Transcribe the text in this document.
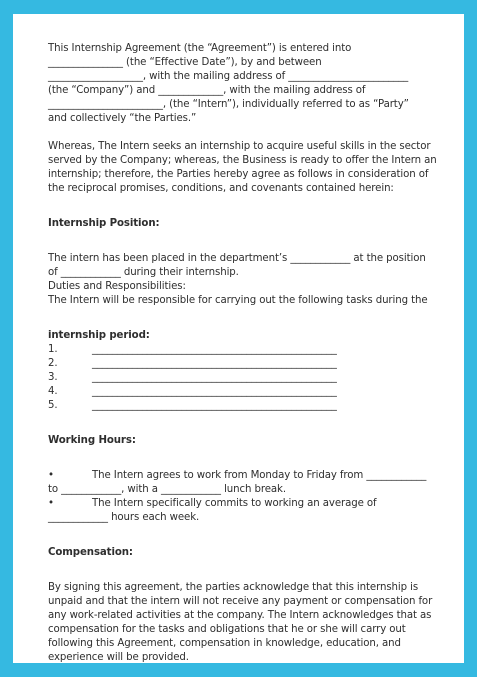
This Internship Agreement (the “Agreement”) is entered into
_______________ (the “Effective Date”), by and between
___________________, with the mailing address of ________________________
(the “Company”) and _____________, with the mailing address of
_______________________, (the “Intern”), individually referred to as “Party”
and collectively “the Parties.”
Whereas, The Intern seeks an internship to acquire useful skills in the sector
served by the Company; whereas, the Business is ready to offer the Intern an
internship; therefore, the Parties hereby agree as follows in consideration of
the reciprocal promises, conditions, and covenants contained herein:
Internship Position:
The intern has been placed in the department’s ____________ at the position
of ____________ during their internship.
Duties and Responsibilities:
The Intern will be responsible for carrying out the following tasks during the
internship period:
1.	_________________________________________________
2.	_________________________________________________
3.	_________________________________________________
4.	_________________________________________________
5.	_________________________________________________
Working Hours:
•	The Intern agrees to work from Monday to Friday from ____________
to ____________, with a ____________ lunch break.
•	The Intern specifically commits to working an average of
____________ hours each week.
Compensation:
By signing this agreement, the parties acknowledge that this internship is
unpaid and that the intern will not receive any payment or compensation for
any work-related activities at the company. The Intern acknowledges that as
compensation for the tasks and obligations that he or she will carry out
following this Agreement, compensation in knowledge, education, and
experience will be provided.
